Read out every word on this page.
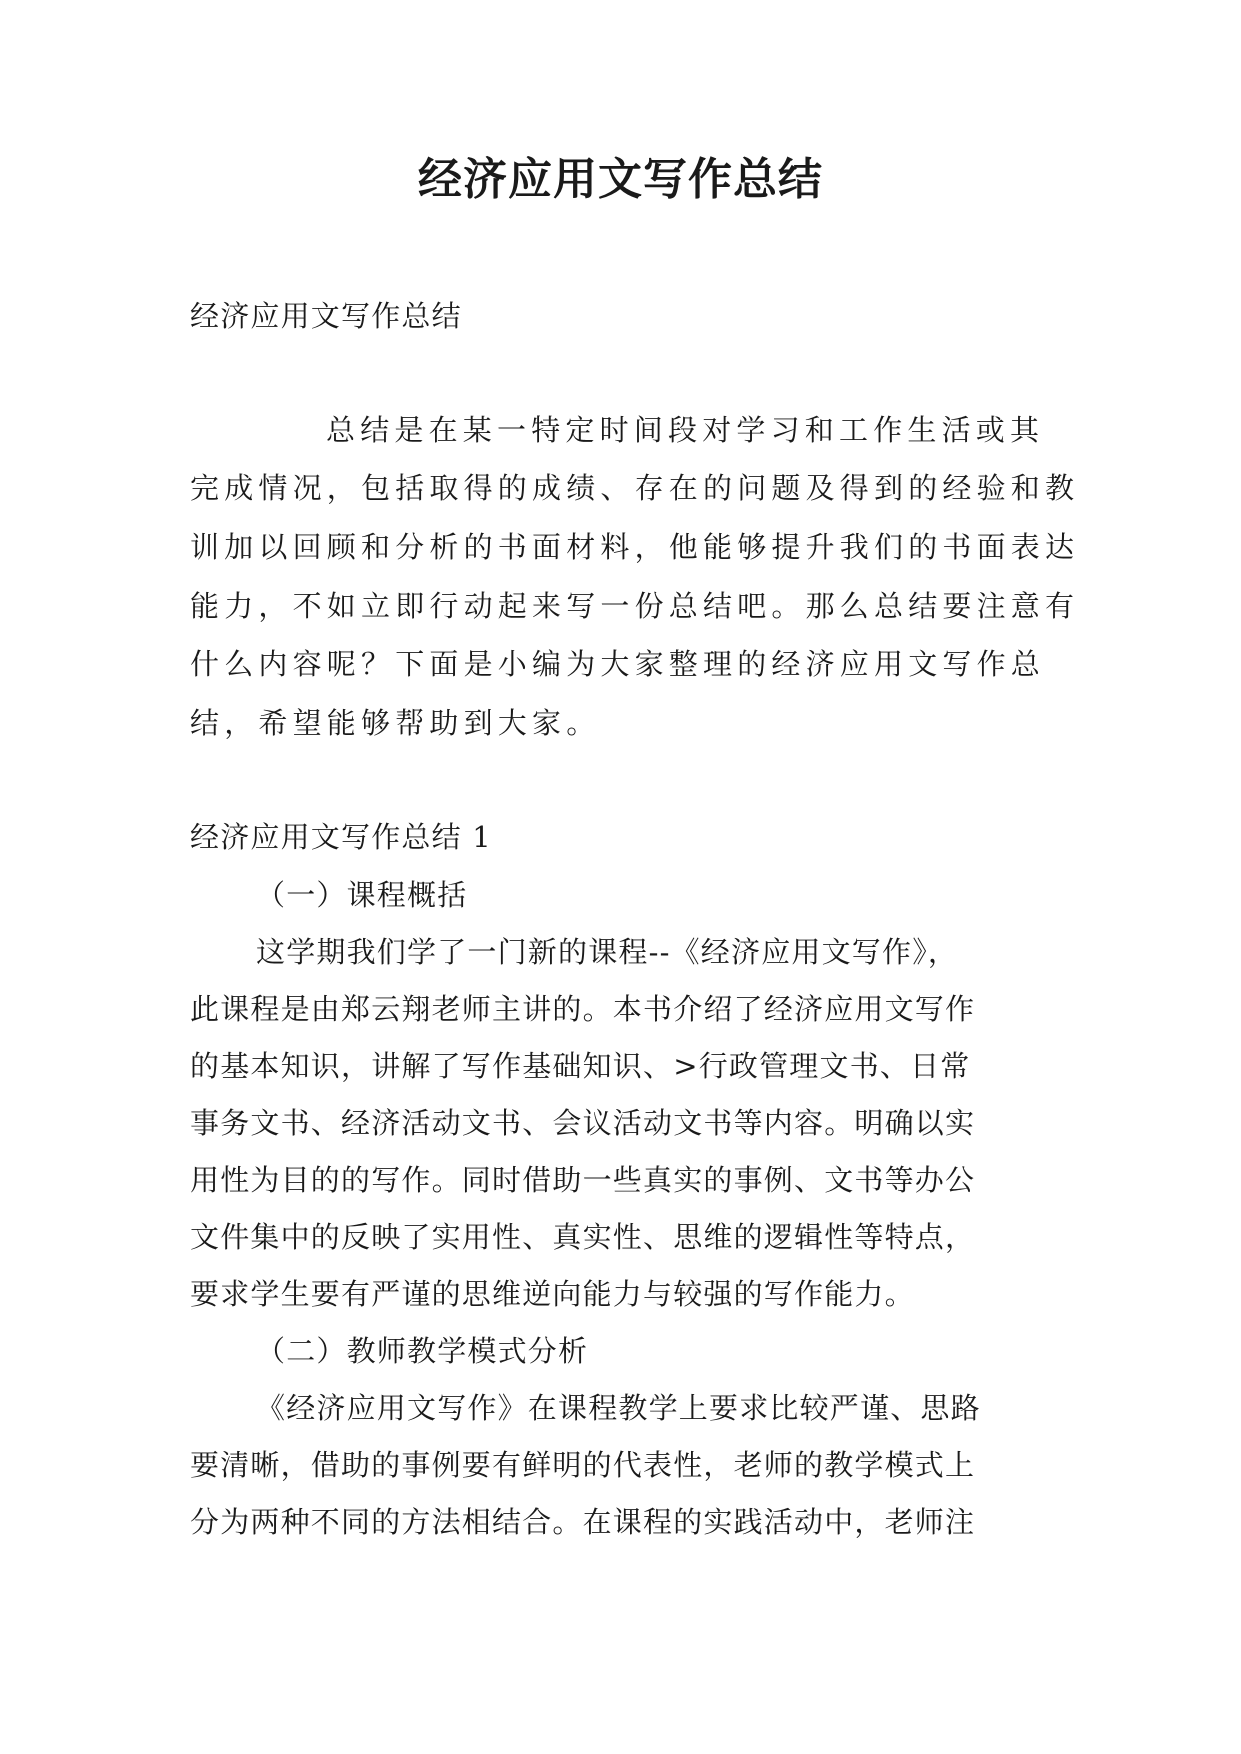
经济应用文写作总结
经济应用文写作总结
总结是在某一特定时间段对学习和工作生活或其
完成情况，包括取得的成绩、存在的问题及得到的经验和教
训加以回顾和分析的书面材料，他能够提升我们的书面表达
能力，不如立即行动起来写一份总结吧。那么总结要注意有
什么内容呢？下面是小编为大家整理的经济应用文写作总
结，希望能够帮助到大家。
经济应用文写作总结 1
（一）课程概括
这学期我们学了一门新的课程--《经济应用文写作》，
此课程是由郑云翔老师主讲的。本书介绍了经济应用文写作
的基本知识，讲解了写作基础知识、>行政管理文书、日常
事务文书、经济活动文书、会议活动文书等内容。明确以实
用性为目的的写作。同时借助一些真实的事例、文书等办公
文件集中的反映了实用性、真实性、思维的逻辑性等特点，
要求学生要有严谨的思维逆向能力与较强的写作能力。
（二）教师教学模式分析
《经济应用文写作》在课程教学上要求比较严谨、思路
要清晰，借助的事例要有鲜明的代表性，老师的教学模式上
分为两种不同的方法相结合。在课程的实践活动中，老师注
